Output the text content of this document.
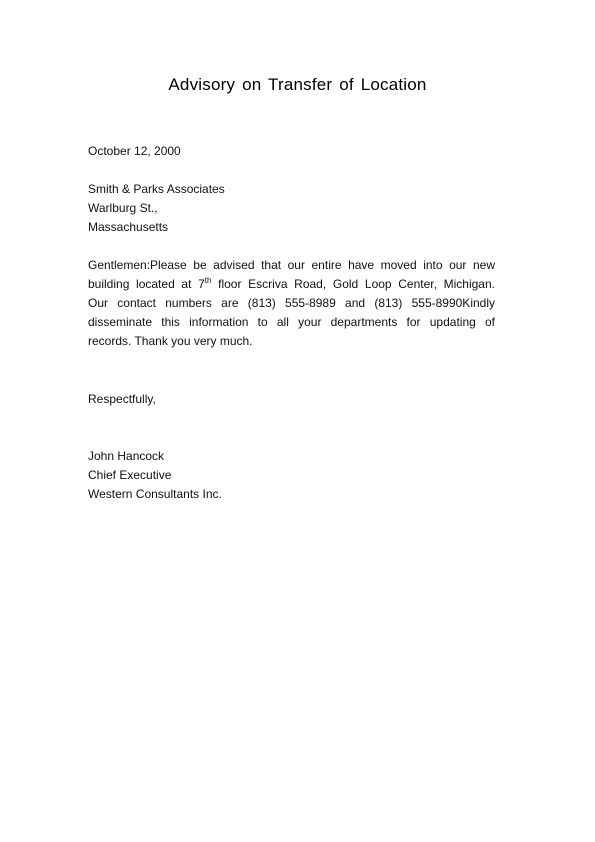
Advisory on Transfer of Location
October 12, 2000
Smith & Parks Associates
Warlburg St.,
Massachusetts
Gentlemen:Please be advised that our entire have moved into our new
building located at 7th floor Escriva Road, Gold Loop Center, Michigan.
Our contact numbers are (813) 555-8989 and (813) 555-8990Kindly
disseminate this information to all your departments for updating of
records. Thank you very much.
Respectfully,
John Hancock
Chief Executive
Western Consultants Inc.
